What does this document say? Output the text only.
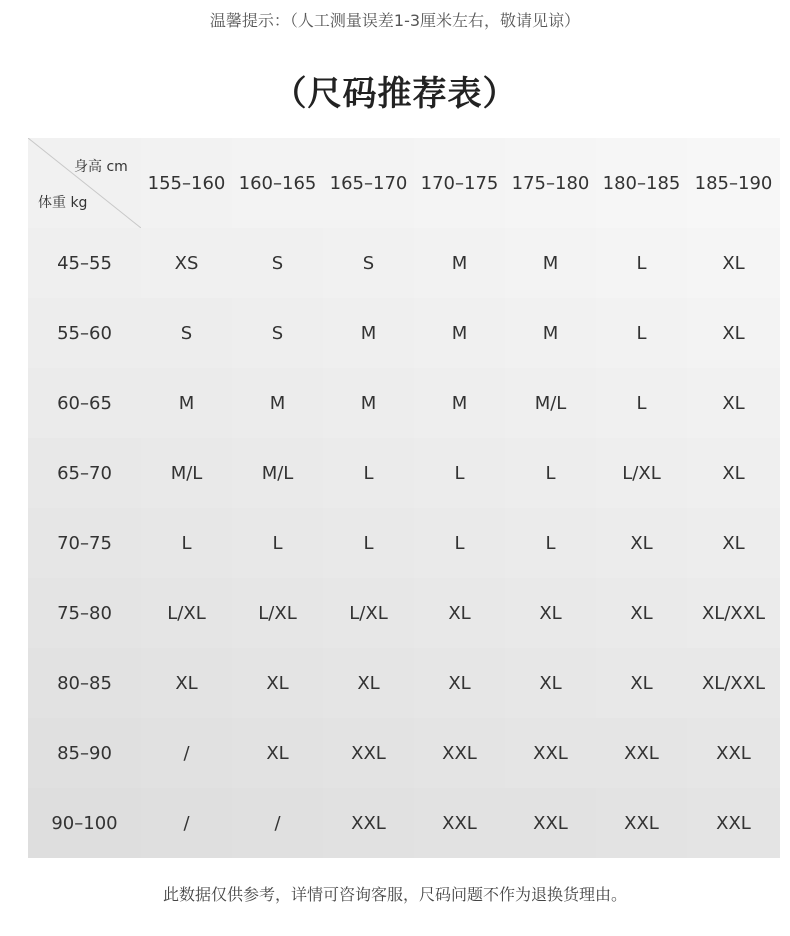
温馨提示：（人工测量误差1-3厘米左右，敬请见谅）
（尺码推荐表）
身高 cm
体重 kg
155–160 160–165 165–170 170–175 175–180 180–185 185–190
45–55	XS	S	S	M	M	L	XL
55–60	S	S	M	M	M	L	XL
60–65	M	M	M	M	M/L	L	XL
65–70	M/L	M/L	L	L	L	L/XL	XL
70–75	L	L	L	L	L	XL	XL
75–80	L/XL	L/XL	L/XL	XL	XL	XL	XL/XXL
80–85	XL	XL	XL	XL	XL	XL	XL/XXL
85–90	/	XL	XXL	XXL	XXL	XXL	XXL
90–100	/	/	XXL	XXL	XXL	XXL	XXL
此数据仅供参考，详情可咨询客服，尺码问题不作为退换货理由。
